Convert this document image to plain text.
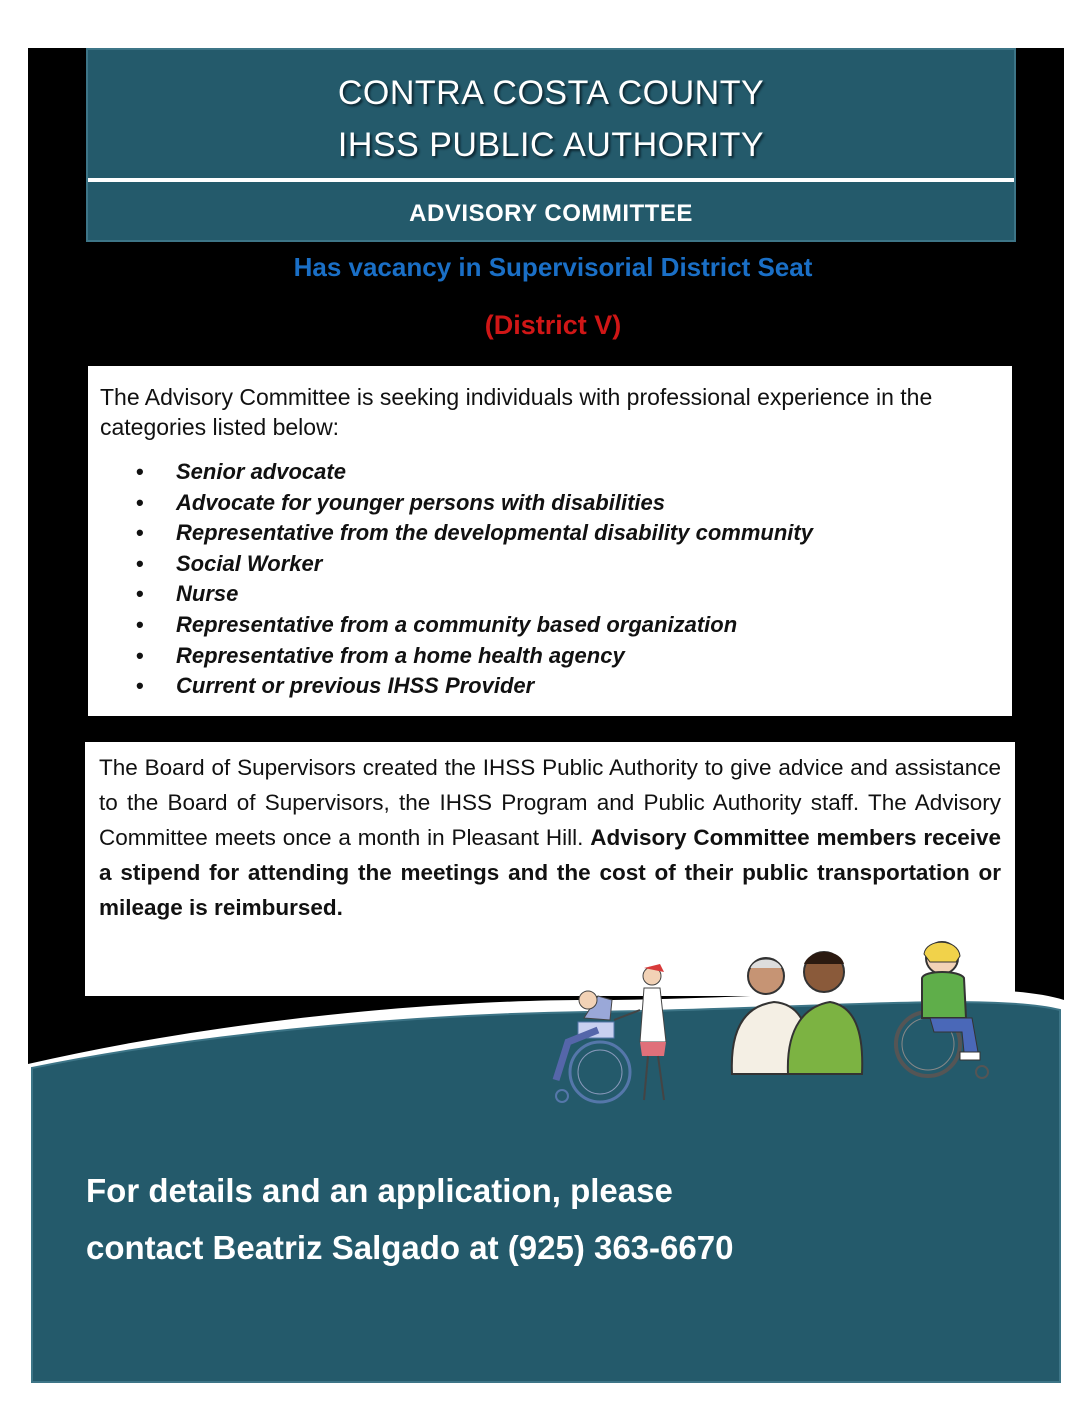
CONTRA COSTA COUNTY
IHSS PUBLIC AUTHORITY
ADVISORY COMMITTEE
Has vacancy in Supervisorial District Seat
(District V)

The Advisory Committee is seeking individuals with professional experience in the categories listed below:

• Senior advocate
• Advocate for younger persons with disabilities
• Representative from the developmental disability community
• Social Worker
• Nurse
• Representative from a community based organization
• Representative from a home health agency
• Current or previous IHSS Provider

The Board of Supervisors created the IHSS Public Authority to give advice and assistance to the Board of Supervisors, the IHSS Program and Public Authority staff. The Advisory Committee meets once a month in Pleasant Hill. Advisory Committee members receive a stipend for attending the meetings and the cost of their public transportation or mileage is reimbursed.

For details and an application, please
contact Beatriz Salgado at (925) 363-6670
